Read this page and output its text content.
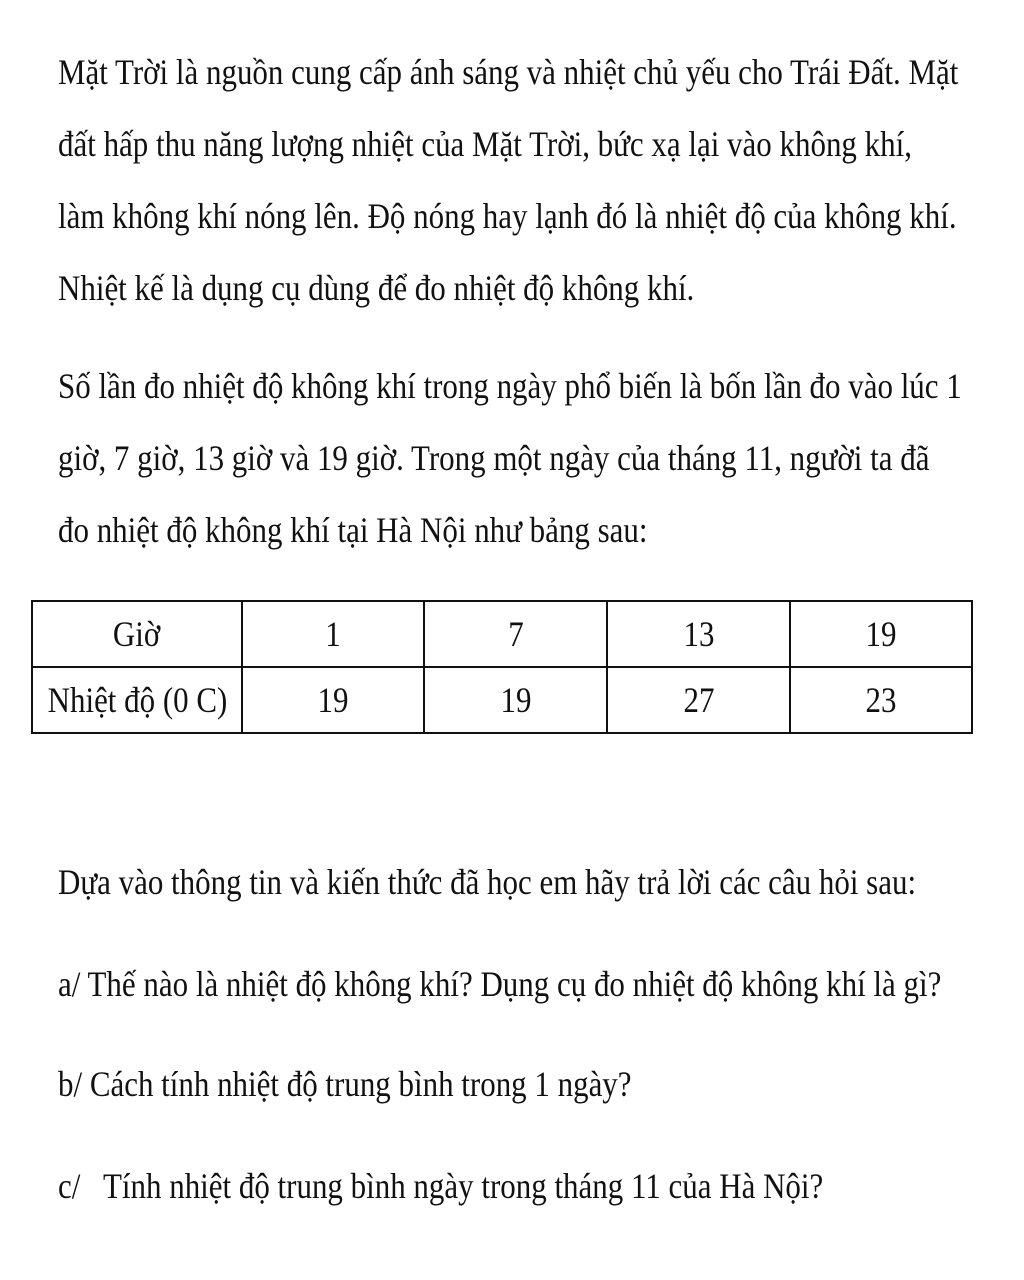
Mặt Trời là nguồn cung cấp ánh sáng và nhiệt chủ yếu cho Trái Đất. Mặt
đất hấp thu năng lượng nhiệt của Mặt Trời, bức xạ lại vào không khí,
làm không khí nóng lên. Độ nóng hay lạnh đó là nhiệt độ của không khí.
Nhiệt kế là dụng cụ dùng để đo nhiệt độ không khí.
Số lần đo nhiệt độ không khí trong ngày phổ biến là bốn lần đo vào lúc 1
giờ, 7 giờ, 13 giờ và 19 giờ. Trong một ngày của tháng 11, người ta đã
đo nhiệt độ không khí tại Hà Nội như bảng sau:
Giờ	1	7	13	19
Nhiệt độ (0 C)	19	19	27	23
Dựa vào thông tin và kiến thức đã học em hãy trả lời các câu hỏi sau:
a/ Thế nào là nhiệt độ không khí? Dụng cụ đo nhiệt độ không khí là gì?
b/ Cách tính nhiệt độ trung bình trong 1 ngày?
c/   Tính nhiệt độ trung bình ngày trong tháng 11 của Hà Nội?
